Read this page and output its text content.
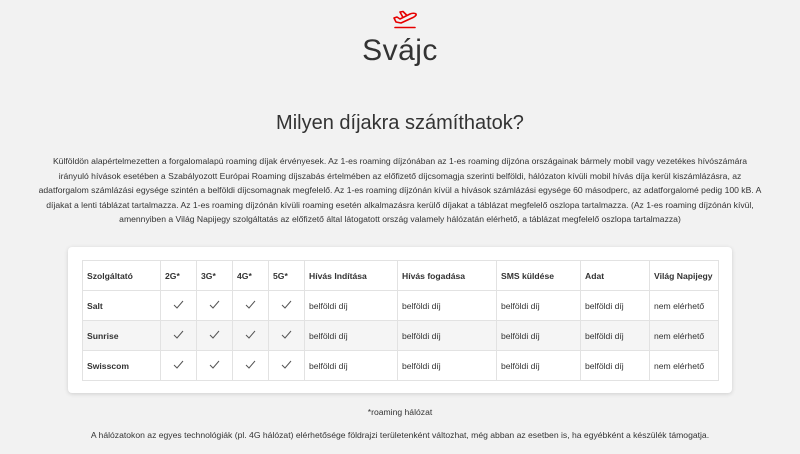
Svájc
Milyen díjakra számíthatok?
Külföldön alapértelmezetten a forgalomalapú roaming díjak érvényesek. Az 1-es roaming díjzónában az 1-es roaming díjzóna országainak bármely mobil vagy vezetékes hívószámára irányuló hívások esetében a Szabályozott Európai Roaming díjszabás értelmében az előfizető díjcsomagja szerinti belföldi, hálózaton kívüli mobil hívás díja kerül kiszámlázásra, az adatforgalom számlázási egysége szintén a belföldi díjcsomagnak megfelelő. Az 1-es roaming díjzónán kívül a hívások számlázási egysége 60 másodperc, az adatforgalomé pedig 100 kB. A díjakat a lenti táblázat tartalmazza. Az 1-es roaming díjzónán kívüli roaming esetén alkalmazásra kerülő díjakat a táblázat megfelelő oszlopa tartalmazza. (Az 1-es roaming díjzónán kívül, amennyiben a Világ Napijegy szolgáltatás az előfizető által látogatott ország valamely hálózatán elérhető, a táblázat megfelelő oszlopa tartalmazza)
Szolgáltató	2G*	3G*	4G*	5G*	Hívás Indítása	Hívás fogadása	SMS küldése	Adat	Világ Napijegy
Salt					belföldi díj	belföldi díj	belföldi díj	belföldi díj	nem elérhető
Sunrise					belföldi díj	belföldi díj	belföldi díj	belföldi díj	nem elérhető
Swisscom					belföldi díj	belföldi díj	belföldi díj	belföldi díj	nem elérhető
*roaming hálózat
A hálózatokon az egyes technológiák (pl. 4G hálózat) elérhetősége földrajzi területenként változhat, még abban az esetben is, ha egyébként a készülék támogatja.
